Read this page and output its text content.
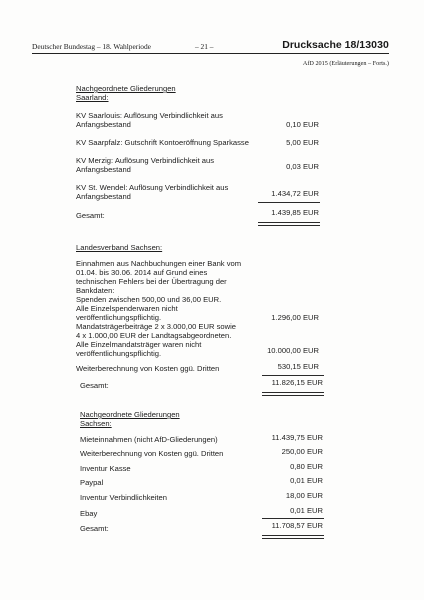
Deutscher Bundestag – 18. Wahlperiode	– 21 –	Drucksache 18/13030
AfD 2015 (Erläuterungen – Forts.)
Nachgeordnete Gliederungen
Saarland:
KV Saarlouis: Auflösung Verbindlichkeit aus
Anfangsbestand	0,10 EUR
KV Saarpfalz: Gutschrift Kontoeröffnung Sparkasse	5,00 EUR
KV Merzig: Auflösung Verbindlichkeit aus
Anfangsbestand	0,03 EUR
KV St. Wendel: Auflösung Verbindlichkeit aus
Anfangsbestand	1.434,72 EUR
Gesamt:	1.439,85 EUR
Landesverband Sachsen:
Einnahmen aus Nachbuchungen einer Bank vom
01.04. bis 30.06. 2014 auf Grund eines
technischen Fehlers bei der Übertragung der
Bankdaten:
Spenden zwischen 500,00 und 36,00 EUR.
Alle Einzelspenderwaren nicht
veröffentlichungspflichtig.	1.296,00 EUR
Mandatsträgerbeiträge 2 x 3.000,00 EUR sowie
4 x 1.000,00 EUR der Landtagsabgeordneten.
Alle Einzelmandatsträger waren nicht
veröffentlichungspflichtig.	10.000,00 EUR
Weiterberechnung von Kosten ggü. Dritten	530,15 EUR
Gesamt:	11.826,15 EUR
Nachgeordnete Gliederungen
Sachsen:
Mieteinnahmen (nicht AfD-Gliederungen)	11.439,75 EUR
Weiterberechnung von Kosten ggü. Dritten	250,00 EUR
Inventur Kasse	0,80 EUR
Paypal	0,01 EUR
Inventur Verbindlichkeiten	18,00 EUR
Ebay	0,01 EUR
Gesamt:	11.708,57 EUR
